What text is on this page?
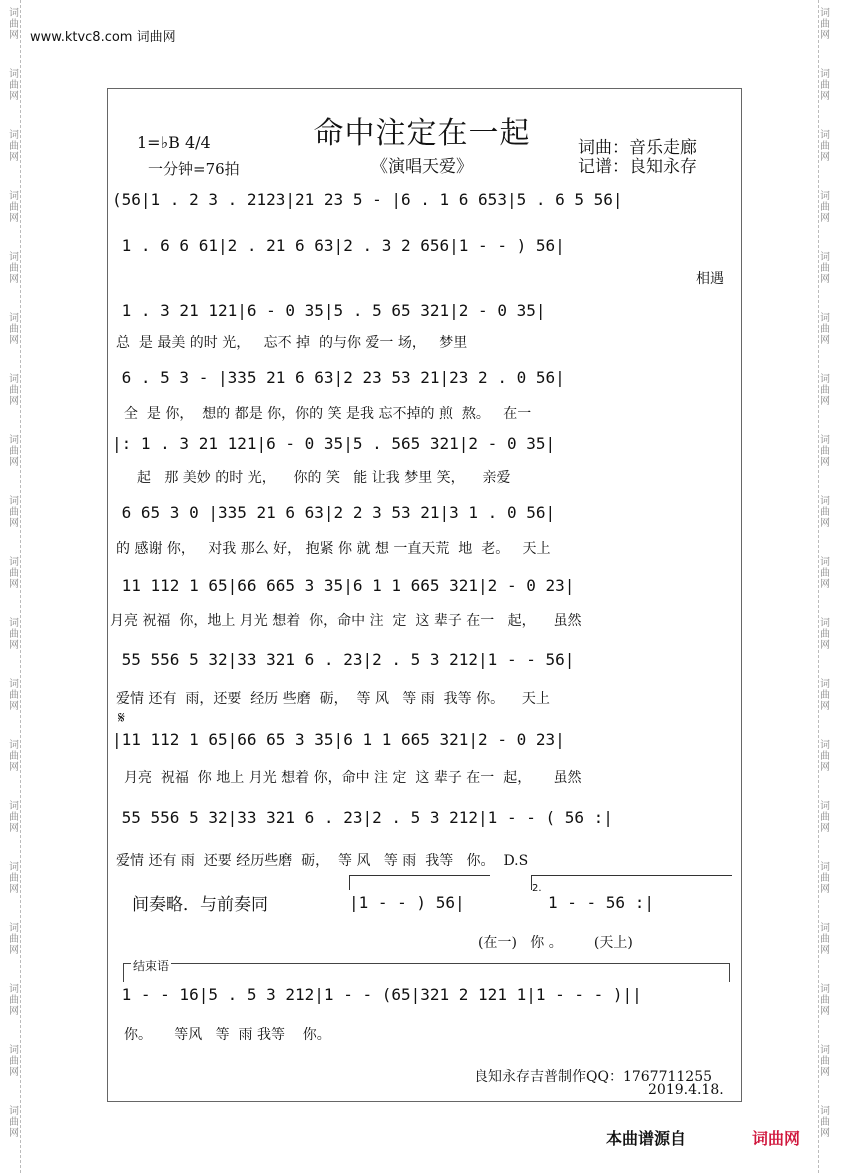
词
曲
网
词
曲
网
词
曲
网
词
曲
网
词
曲
网
词
曲
网
词
曲
网
词
曲
网
词
曲
网
词
曲
网
词
曲
网
词
曲
网
词
曲
网
词
曲
网
词
曲
网
词
曲
网
词
曲
网
词
曲
网
词
曲
网
词
曲
网
词
曲
网
词
曲
网
词
曲
网
词
曲
网
词
曲
网
词
曲
网
词
曲
网
词
曲
网
词
曲
网
词
曲
网
词
曲
网
词
曲
网
词
曲
网
词
曲
网
词
曲
网
词
曲
网
词
曲
网
词
曲
网
www.ktvc8.com 词曲网
命中注定在一起
《演唱天爱》
1=♭B 4/4
一分钟=76拍
词曲：音乐走廊
记谱：良知永存
(56|1 . 2 3 . 2123|21 23 5 - |6 . 1 6 653|5 . 6 5 56|
1 . 6 6 61|2 . 21 6 63|2 . 3 2 656|1 - - ) 56|
相遇
1 . 3 21 121|6 - 0 35|5 . 5 65 321|2 - 0 35|
总  是 最美 的时 光，   忘不 掉  的与你 爱一 场，   梦里
6 . 5 3 - |335 21 6 63|2 23 53 21|23 2 . 0 56|
全  是 你，  想的 都是 你，你的 笑 是我 忘不掉的 煎  熬。   在一
|: 1 . 3 21 121|6 - 0 35|5 . 565 321|2 - 0 35|
起   那 美妙 的时 光，    你的 笑   能 让我 梦里 笑，    亲爱
6 65 3 0 |335 21 6 63|2 2 3 53 21|3 1 . 0 56|
的 感谢 你，   对我 那么 好， 抱紧 你 就 想 一直天荒  地  老。   天上
11 112 1 65|66 665 3 35|6 1 1 665 321|2 - 0 23|
月亮 祝福  你，地上 月光 想着  你，命中 注  定  这 辈子 在一   起，    虽然
55 556 5 32|33 321 6 . 23|2 . 5 3 212|1 - - 56|
爱情 还有  雨，还要  经历 些磨  砺，  等 风   等 雨  我等 你。    天上
𝄋
|11 112 1 65|66 65 3 35|6 1 1 665 321|2 - 0 23|
月亮  祝福  你 地上 月光 想着 你，命中 注 定  这 辈子 在一  起，     虽然
55 556 5 32|33 321 6 . 23|2 . 5 3 212|1 - - ( 56 :|
爱情 还有 雨  还要 经历些磨  砺，  等 风   等 雨  我等   你。  D.S
间奏略．与前奏同
2.
|1 - - ) 56|	1 - - 56 :|
(在一)   你 。       (天上)
结束语
1 - - 16|5 . 5 3 212|1 - - (65|321 2 121 1|1 - - - )||
你。     等风   等  雨 我等    你。
良知永存吉普制作QQ：1767711255
2019.4.18.
本曲谱源自	词曲网
